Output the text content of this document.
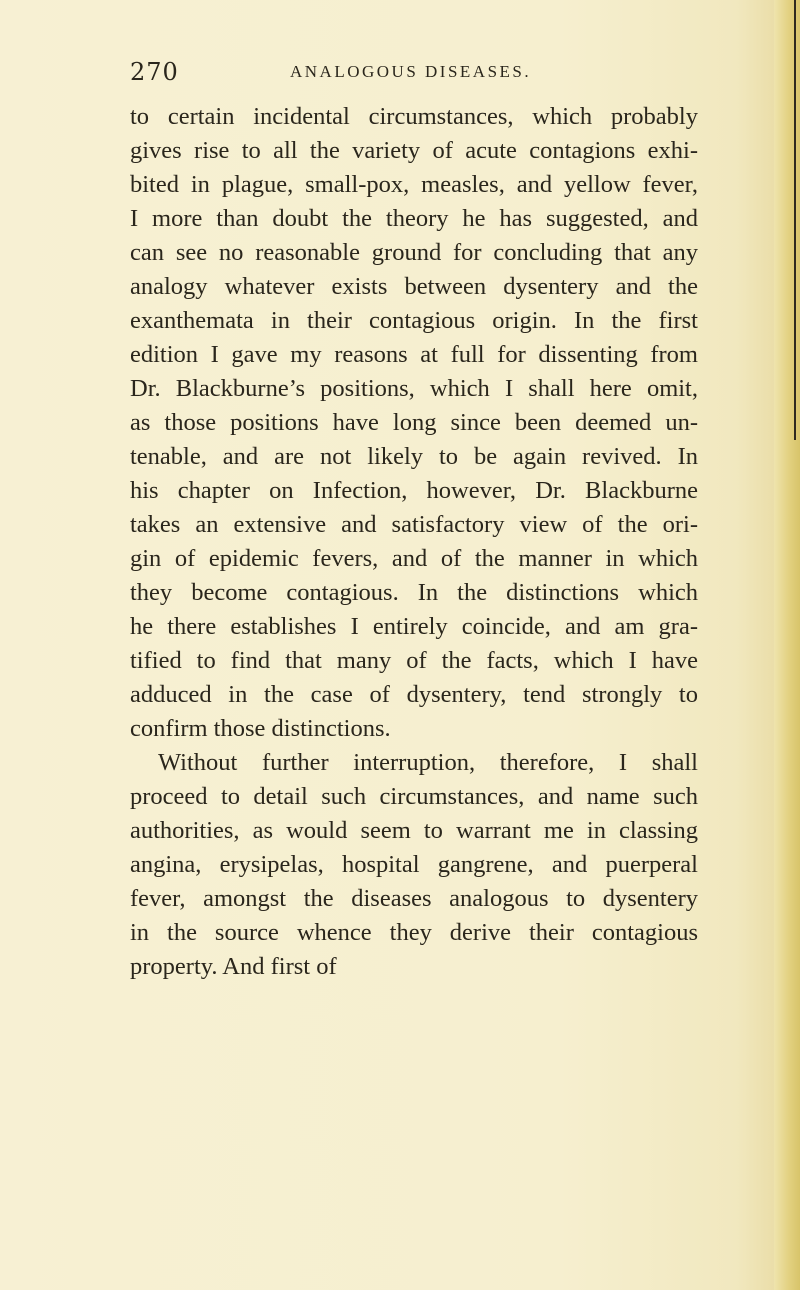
270	ANALOGOUS DISEASES.
to certain incidental circumstances, which probably
gives rise to all the variety of acute contagions exhi-
bited in plague, small-pox, measles, and yellow fever,
I more than doubt the theory he has suggested, and
can see no reasonable ground for concluding that any
analogy whatever exists between dysentery and the
exanthemata in their contagious origin. In the first
edition I gave my reasons at full for dissenting from
Dr. Blackburne’s positions, which I shall here omit,
as those positions have long since been deemed un-
tenable, and are not likely to be again revived. In
his chapter on Infection, however, Dr. Blackburne
takes an extensive and satisfactory view of the ori-
gin of epidemic fevers, and of the manner in which
they become contagious. In the distinctions which
he there establishes I entirely coincide, and am gra-
tified to find that many of the facts, which I have
adduced in the case of dysentery, tend strongly to
confirm those distinctions.
Without further interruption, therefore, I shall
proceed to detail such circumstances, and name such
authorities, as would seem to warrant me in classing
angina, erysipelas, hospital gangrene, and puerperal
fever, amongst the diseases analogous to dysentery
in the source whence they derive their contagious
property. And first of
